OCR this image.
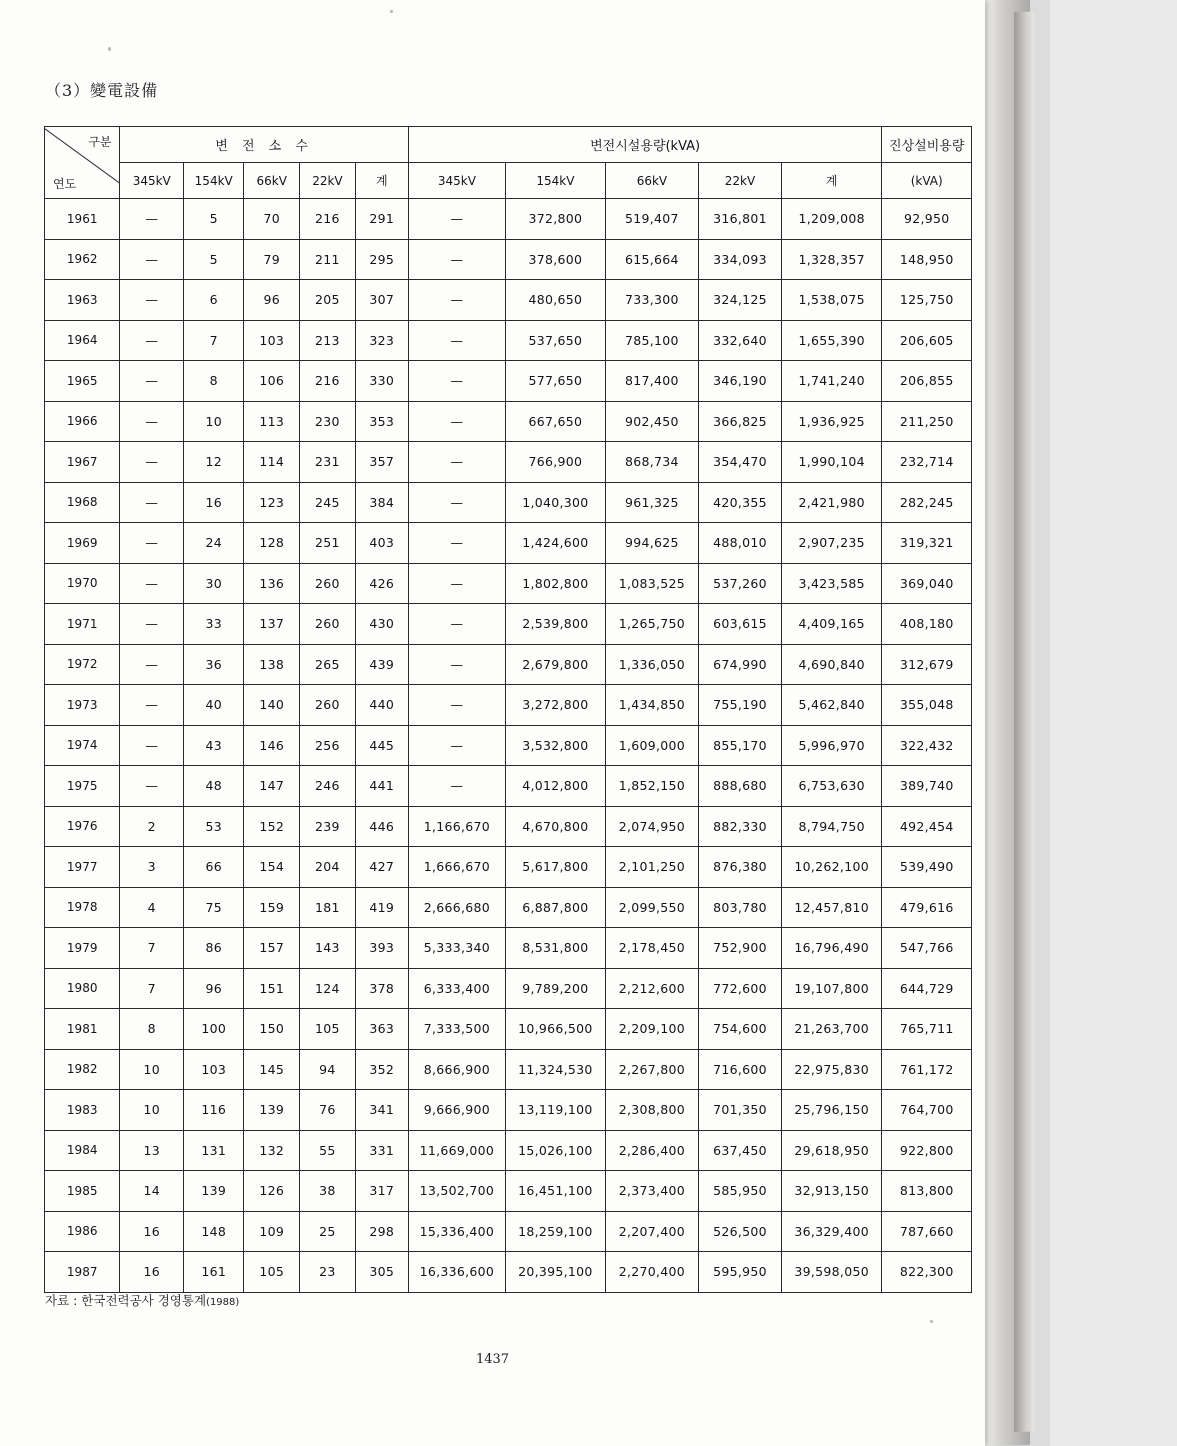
（3）變電設備
구분
연도	변 전 소 수					변전시설용량(kVA)					진상설비용량
	345kV	154kV	66kV	22kV	계	345kV	154kV	66kV	22kV	계	(kVA)
1961	—	5	70	216	291	—	372,800	519,407	316,801	1,209,008	92,950
1962	—	5	79	211	295	—	378,600	615,664	334,093	1,328,357	148,950
1963	—	6	96	205	307	—	480,650	733,300	324,125	1,538,075	125,750
1964	—	7	103	213	323	—	537,650	785,100	332,640	1,655,390	206,605
1965	—	8	106	216	330	—	577,650	817,400	346,190	1,741,240	206,855
1966	—	10	113	230	353	—	667,650	902,450	366,825	1,936,925	211,250
1967	—	12	114	231	357	—	766,900	868,734	354,470	1,990,104	232,714
1968	—	16	123	245	384	—	1,040,300	961,325	420,355	2,421,980	282,245
1969	—	24	128	251	403	—	1,424,600	994,625	488,010	2,907,235	319,321
1970	—	30	136	260	426	—	1,802,800	1,083,525	537,260	3,423,585	369,040
1971	—	33	137	260	430	—	2,539,800	1,265,750	603,615	4,409,165	408,180
1972	—	36	138	265	439	—	2,679,800	1,336,050	674,990	4,690,840	312,679
1973	—	40	140	260	440	—	3,272,800	1,434,850	755,190	5,462,840	355,048
1974	—	43	146	256	445	—	3,532,800	1,609,000	855,170	5,996,970	322,432
1975	—	48	147	246	441	—	4,012,800	1,852,150	888,680	6,753,630	389,740
1976	2	53	152	239	446	1,166,670	4,670,800	2,074,950	882,330	8,794,750	492,454
1977	3	66	154	204	427	1,666,670	5,617,800	2,101,250	876,380	10,262,100	539,490
1978	4	75	159	181	419	2,666,680	6,887,800	2,099,550	803,780	12,457,810	479,616
1979	7	86	157	143	393	5,333,340	8,531,800	2,178,450	752,900	16,796,490	547,766
1980	7	96	151	124	378	6,333,400	9,789,200	2,212,600	772,600	19,107,800	644,729
1981	8	100	150	105	363	7,333,500	10,966,500	2,209,100	754,600	21,263,700	765,711
1982	10	103	145	94	352	8,666,900	11,324,530	2,267,800	716,600	22,975,830	761,172
1983	10	116	139	76	341	9,666,900	13,119,100	2,308,800	701,350	25,796,150	764,700
1984	13	131	132	55	331	11,669,000	15,026,100	2,286,400	637,450	29,618,950	922,800
1985	14	139	126	38	317	13,502,700	16,451,100	2,373,400	585,950	32,913,150	813,800
1986	16	148	109	25	298	15,336,400	18,259,100	2,207,400	526,500	36,329,400	787,660
1987	16	161	105	23	305	16,336,600	20,395,100	2,270,400	595,950	39,598,050	822,300
자료 : 한국전력공사 경영통계(1988)
1437
